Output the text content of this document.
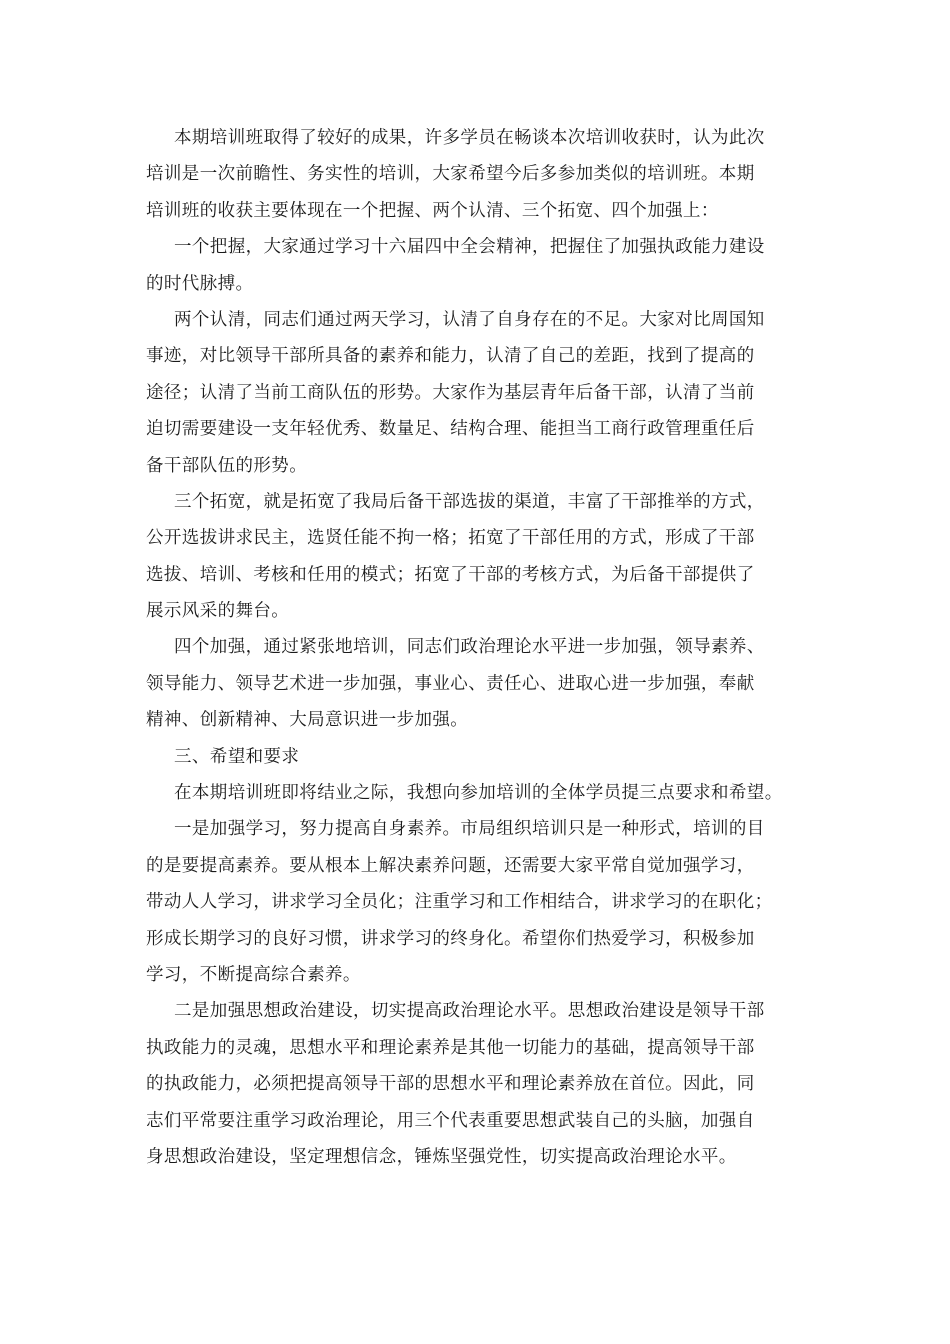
本期培训班取得了较好的成果，许多学员在畅谈本次培训收获时，认为此次
培训是一次前瞻性、务实性的培训，大家希望今后多参加类似的培训班。本期
培训班的收获主要体现在一个把握、两个认清、三个拓宽、四个加强上：
一个把握，大家通过学习十六届四中全会精神，把握住了加强执政能力建设
的时代脉搏。
两个认清，同志们通过两天学习，认清了自身存在的不足。大家对比周国知
事迹，对比领导干部所具备的素养和能力，认清了自己的差距，找到了提高的
途径；认清了当前工商队伍的形势。大家作为基层青年后备干部，认清了当前
迫切需要建设一支年轻优秀、数量足、结构合理、能担当工商行政管理重任后
备干部队伍的形势。
三个拓宽，就是拓宽了我局后备干部选拔的渠道，丰富了干部推举的方式，
公开选拔讲求民主，选贤任能不拘一格；拓宽了干部任用的方式，形成了干部
选拔、培训、考核和任用的模式；拓宽了干部的考核方式，为后备干部提供了
展示风采的舞台。
四个加强，通过紧张地培训，同志们政治理论水平进一步加强，领导素养、
领导能力、领导艺术进一步加强，事业心、责任心、进取心进一步加强，奉献
精神、创新精神、大局意识进一步加强。
三、希望和要求
在本期培训班即将结业之际，我想向参加培训的全体学员提三点要求和希望。
一是加强学习，努力提高自身素养。市局组织培训只是一种形式，培训的目
的是要提高素养。要从根本上解决素养问题，还需要大家平常自觉加强学习，
带动人人学习，讲求学习全员化；注重学习和工作相结合，讲求学习的在职化；
形成长期学习的良好习惯，讲求学习的终身化。希望你们热爱学习，积极参加
学习，不断提高综合素养。
二是加强思想政治建设，切实提高政治理论水平。思想政治建设是领导干部
执政能力的灵魂，思想水平和理论素养是其他一切能力的基础，提高领导干部
的执政能力，必须把提高领导干部的思想水平和理论素养放在首位。因此，同
志们平常要注重学习政治理论，用三个代表重要思想武装自己的头脑，加强自
身思想政治建设，坚定理想信念，锤炼坚强党性，切实提高政治理论水平。
